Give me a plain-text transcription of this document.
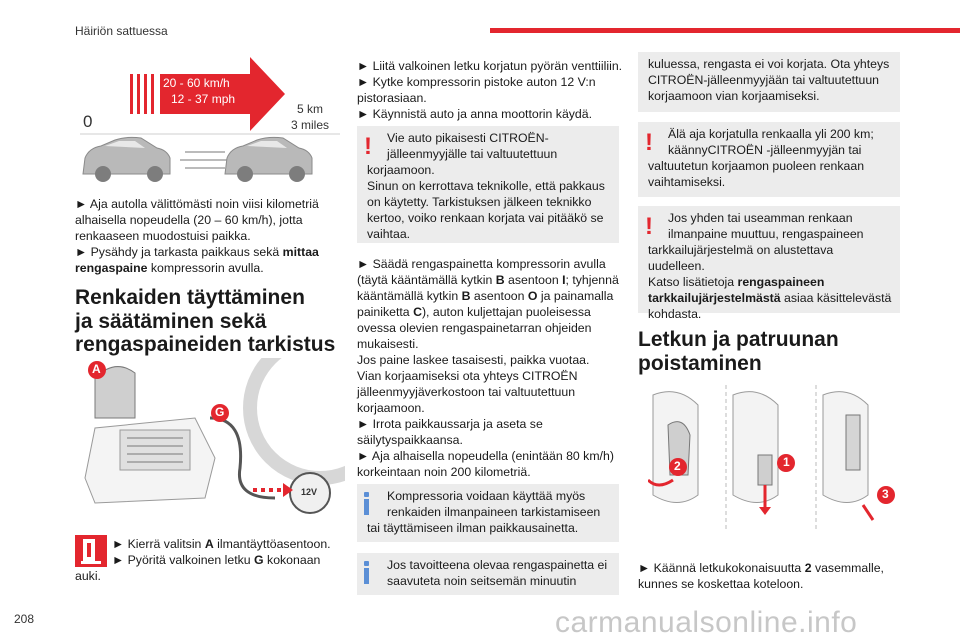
Häiriön sattuessa
208
0
20 - 60 km/h
12 - 37 mph
5 km
3 miles

► Aja autolla välittömästi noin viisi kilometriä

alhaisella nopeudella (20 – 60 km/h), jotta

renkaaseen muodostuisi paikka.

► Pysähdy ja tarkasta paikkaus sekä mittaa

rengaspaine kompressorin avulla.

Renkaiden täyttäminen
ja säätäminen sekä
rengaspaineiden tarkistus
A
G
12V

► Kierrä valitsin A ilmantäyttöasentoon.

► Pyöritä valkoinen letku G kokonaan

auki.

► Liitä valkoinen letku korjatun pyörän venttiiliin.

► Kytke kompressorin pistoke auton 12 V:n

pistorasiaan.

► Käynnistä auto ja anna moottorin käydä.

!	Vie auto pikaisesti CITROËN-

jälleenmyyjälle tai valtuutettuun

korjaamoon.

Sinun on kerrottava teknikolle, että pakkaus

on käytetty. Tarkistuksen jälkeen teknikko

kertoo, voiko renkaan korjata vai pitääkö se

vaihtaa.

► Säädä rengaspainetta kompressorin avulla

(täytä kääntämällä kytkin B asentoon I; tyhjennä

kääntämällä kytkin B asentoon O ja painamalla

painiketta C), auton kuljettajan puoleisessa

ovessa olevien rengaspainetarran ohjeiden

mukaisesti.

Jos paine laskee tasaisesti, paikka vuotaa.

Vian korjaamiseksi ota yhteys CITROËN

jälleenmyyjäverkostoon tai valtuutettuun

korjaamoon.

► Irrota paikkaussarja ja aseta se

säilytyspaikkaansa.

► Aja alhaisella nopeudella (enintään 80 km/h)

korkeintaan noin 200 kilometriä.

Kompressoria voidaan käyttää myös

renkaiden ilmanpaineen tarkistamiseen

tai täyttämiseen ilman paikkausainetta.

Jos tavoitteena olevaa rengaspainetta ei

saavuteta noin seitsemän minuutin

kuluessa, rengasta ei voi korjata. Ota yhteys

CITROËN-jälleenmyyjään tai valtuutettuun

korjaamoon vian korjaamiseksi.

!	Älä aja korjatulla renkaalla yli 200 km;

käännyCITROËN -jälleenmyyjän tai

valtuutetun korjaamon puoleen renkaan

vaihtamiseksi.

!	Jos yhden tai useamman renkaan

ilmanpaine muuttuu, rengaspaineen

tarkkailujärjestelmä on alustettava uudelleen.

Katso lisätietoja rengaspaineen

tarkkailujärjestelmästä asiaa käsittelevästä

kohdasta.

Letkun ja patruunan
poistaminen
2	1
3

► Käännä letkukokonaisuutta 2 vasemmalle,

kunnes se koskettaa koteloon.

carmanualsonline.info
